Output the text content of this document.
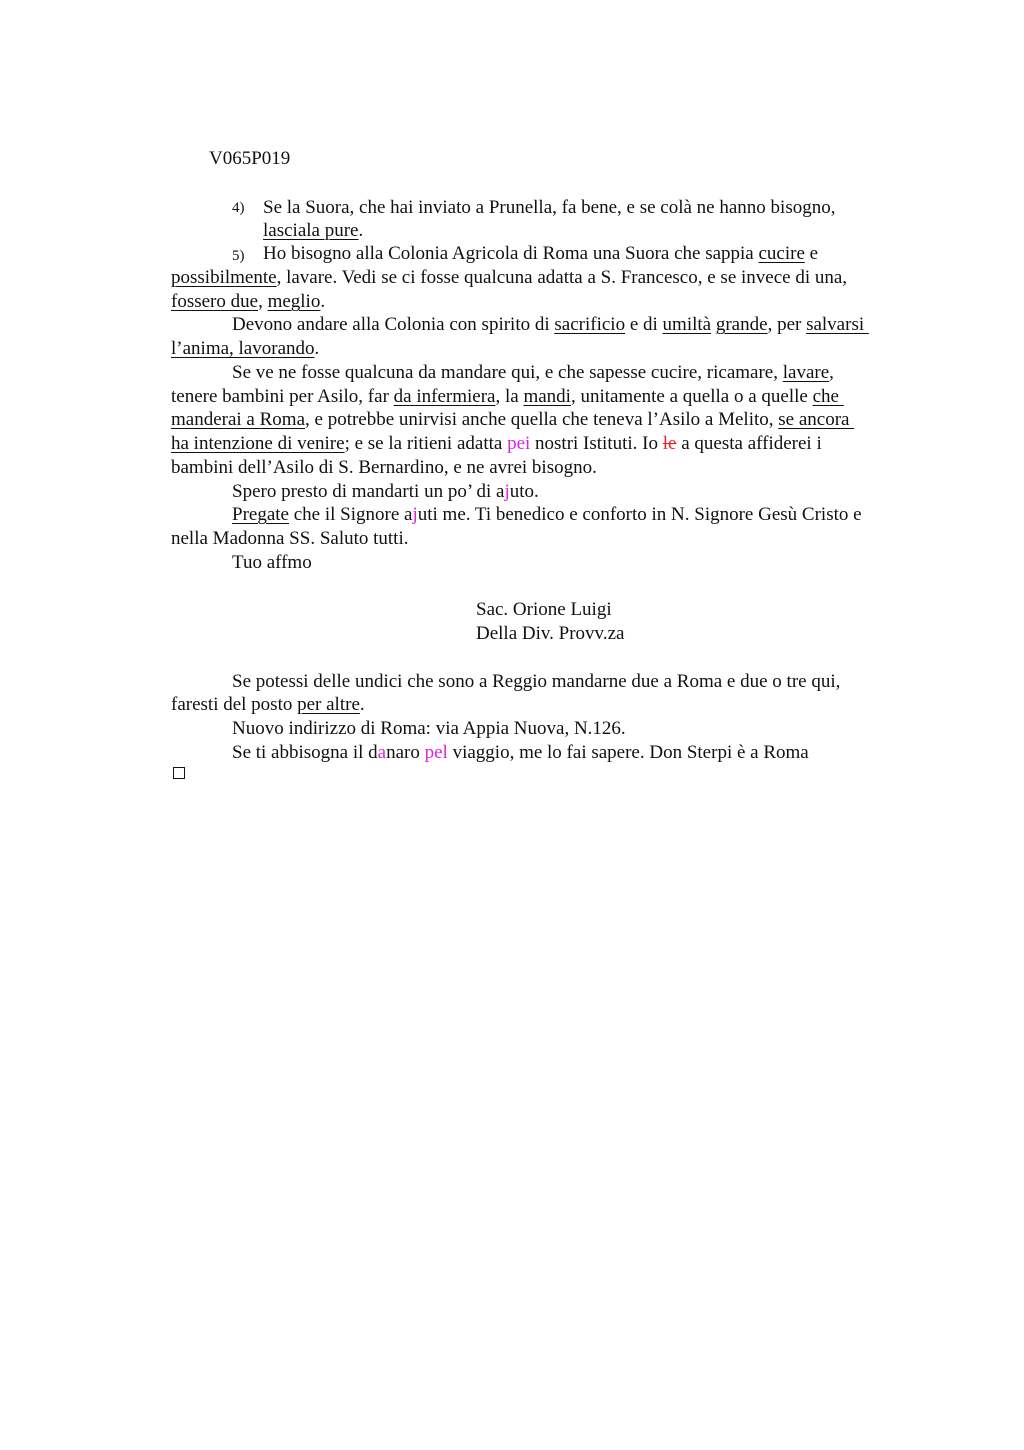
V065P019
4)
5)
Se la Suora, che hai inviato a Prunella, fa bene, e se colà ne hanno bisogno,
lasciala pure.
Ho bisogno alla Colonia Agricola di Roma una Suora che sappia cucire e
possibilmente, lavare. Vedi se ci fosse qualcuna adatta a S. Francesco, e se invece di una,
fossero due, meglio.
Devono andare alla Colonia con spirito di sacrificio e di umiltà grande, per salvarsi
l’anima, lavorando.
Se ve ne fosse qualcuna da mandare qui, e che sapesse cucire, ricamare, lavare,
tenere bambini per Asilo, far da infermiera, la mandi, unitamente a quella o a quelle che
manderai a Roma, e potrebbe unirvisi anche quella che teneva l’Asilo a Melito, se ancora
ha intenzione di venire; e se la ritieni adatta pei nostri Istituti. Io le a questa affiderei i
bambini dell’Asilo di S. Bernardino, e ne avrei bisogno.
Spero presto di mandarti un po’ di ajuto.
Pregate che il Signore ajuti me. Ti benedico e conforto in N. Signore Gesù Cristo e
nella Madonna SS. Saluto tutti.
Tuo affmo
Sac. Orione Luigi
Della Div. Provv.za
Se potessi delle undici che sono a Reggio mandarne due a Roma e due o tre qui,
faresti del posto per altre.
Nuovo indirizzo di Roma: via Appia Nuova, N.126.
Se ti abbisogna il danaro pel viaggio, me lo fai sapere. Don Sterpi è a Roma
